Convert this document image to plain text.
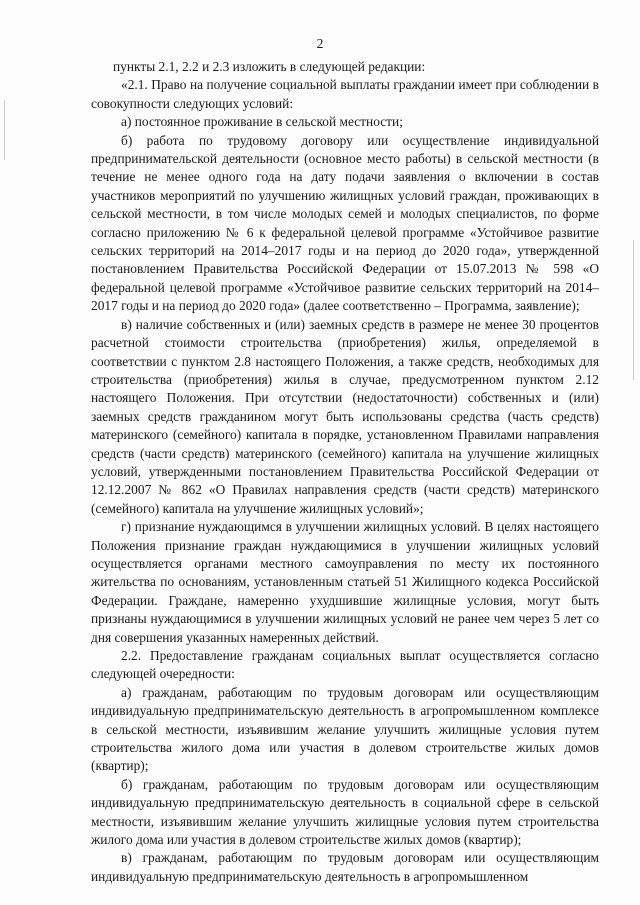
2

пункты 2.1, 2.2 и 2.3 изложить в следующей редакции:

«2.1. Право на получение социальной выплаты граждании имеет при соблюдении в совокупности следующих условий:

а) постоянное проживание в сельской местности;

б) работа по трудовому договору или осуществление индивидуальной предпринимательской деятельности (основное место работы) в сельской местности (в течение не менее одного года на дату подачи заявления о включении в состав участников мероприятий по улучшению жилищных условий граждан, проживающих в сельской местности, в том числе молодых семей и молодых специалистов, по форме согласно приложению № 6 к федеральной целевой программе «Устойчивое развитие сельских территорий на 2014–2017 годы и на период до 2020 года», утвержденной постановлением Правительства Российской Федерации от 15.07.2013 № 598 «О федеральной целевой программе «Устойчивое развитие сельских территорий на 2014–2017 годы и на период до 2020 года» (далее соответственно – Программа, заявление);

в) наличие собственных и (или) заемных средств в размере не менее 30 процентов расчетной стоимости строительства (приобретения) жилья, определяемой в соответствии с пунктом 2.8 настоящего Положения, а также средств, необходимых для строительства (приобретения) жилья в случае, предусмотренном пунктом 2.12 настоящего Положения. При отсутствии (недостаточности) собственных и (или) заемных средств гражданином могут быть использованы средства (часть средств) материнского (семейного) капитала в порядке, установленном Правилами направления средств (части средств) материнского (семейного) капитала на улучшение жилищных условий, утвержденными постановлением Правительства Российской Федерации от 12.12.2007 № 862 «О Правилах направления средств (части средств) материнского (семейного) капитала на улучшение жилищных условий»;

г) признание нуждающимся в улучшении жилищных условий. В целях настоящего Положения признание граждан нуждающимися в улучшении жилищных условий осуществляется органами местного самоуправления по месту их постоянного жительства по основаниям, установленным статьей 51 Жилищного кодекса Российской Федерации. Граждане, намеренно ухудшившие жилищные условия, могут быть признаны нуждающимися в улучшении жилищных условий не ранее чем через 5 лет со дня совершения указанных намеренных действий.

2.2. Предоставление гражданам социальных выплат осуществляется согласно следующей очередности:

а) гражданам, работающим по трудовым договорам или осуществляющим индивидуальную предпринимательскую деятельность в агропромышленном комплексе в сельской местности, изъявившим желание улучшить жилищные условия путем строительства жилого дома или участия в долевом строительстве жилых домов (квартир);

б) гражданам, работающим по трудовым договорам или осуществляющим индивидуальную предпринимательскую деятельность в социальной сфере в сельской местности, изъявившим желание улучшить жилищные условия путем строительства жилого дома или участия в долевом строительстве жилых домов (квартир);

в) гражданам, работающим по трудовым договорам или осуществляющим индивидуальную предпринимательскую деятельность в агропромышленном
